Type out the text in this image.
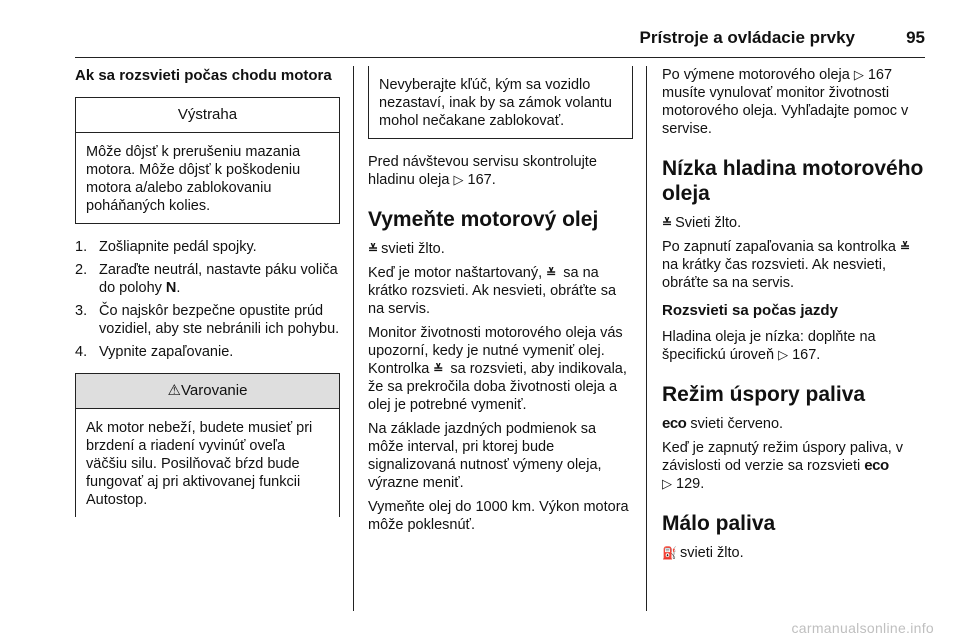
Prístroje a ovládacie prvky	95
Ak sa rozsvieti počas chodu motora
Výstraha
Môže dôjsť k prerušeniu mazania motora. Môže dôjsť k poškodeniu motora a/alebo zablokovaniu poháňaných kolies.
1. Zošliapnite pedál spojky.
2. Zaraďte neutrál, nastavte páku voliča do polohy N.
3. Čo najskôr bezpečne opustite prúd vozidiel, aby ste nebránili ich pohybu.
4. Vypnite zapaľovanie.
⚠Varovanie
Ak motor nebeží, budete musieť pri brzdení a riadení vyvinúť oveľa väčšiu silu. Posilňovač bŕzd bude fungovať aj pri aktivovanej funkcii Autostop.
Nevyberajte kľúč, kým sa vozidlo nezastaví, inak by sa zámok volantu mohol nečakane zablokovať.

Pred návštevou servisu skontrolujte hladinu oleja ▷ 167.

Vymeňte motorový olej

≚ svieti žlto.

Keď je motor naštartovaný, ≚ sa na krátko rozsvieti. Ak nesvieti, obráťte sa na servis.

Monitor životnosti motorového oleja vás upozorní, kedy je nutné vymeniť olej. Kontrolka ≚ sa rozsvieti, aby indikovala, že sa prekročila doba životnosti oleja a olej je potrebné vymeniť.

Na základe jazdných podmienok sa môže interval, pri ktorej bude signalizovaná nutnosť výmeny oleja, výrazne meniť.

Vymeňte olej do 1000 km. Výkon motora môže poklesnúť.

Po výmene motorového oleja ▷ 167 musíte vynulovať monitor životnosti motorového oleja. Vyhľadajte pomoc v servise.

Nízka hladina motorového oleja

≚ Svieti žlto.

Po zapnutí zapaľovania sa kontrolka ≚ na krátky čas rozsvieti. Ak nesvieti, obráťte sa na servis.

Rozsvieti sa počas jazdy

Hladina oleja je nízka: doplňte na špecifickú úroveň ▷ 167.

Režim úspory paliva

eco svieti červeno.

Keď je zapnutý režim úspory paliva, v závislosti od verzie sa rozsvieti eco
▷ 129.

Málo paliva

⛽ svieti žlto.

carmanualsonline.info
